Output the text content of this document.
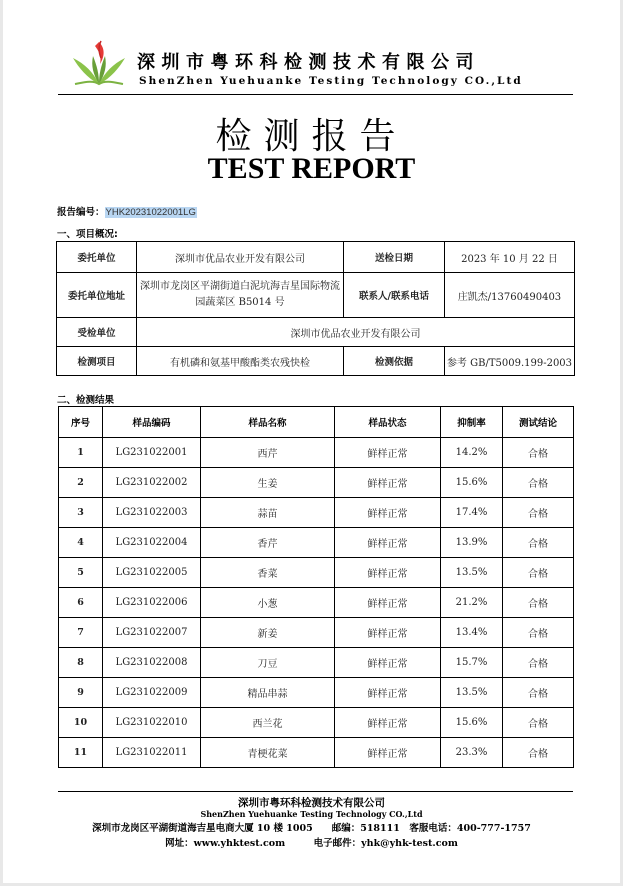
深圳市粤环科检测技术有限公司
ShenZhen Yuehuanke Testing Technology CO.,Ltd
检测报告
TEST REPORT
报告编号：YHK20231022001LG
一、项目概况:
委托单位	深圳市优品农业开发有限公司	送检日期	2023 年 10 月 22 日
委托单位地址	深圳市龙岗区平湖街道白泥坑海吉星国际物流园蔬菜区 B5014 号	联系人/联系电话	庄凯杰/13760490403
受检单位	深圳市优品农业开发有限公司		
检测项目	有机磷和氨基甲酸酯类农残快检	检测依据	参考 GB/T5009.199-2003
二、检测结果
序号	样品编码	样品名称	样品状态	抑制率	测试结论
1	LG231022001	西芹	鲜样正常	14.2%	合格
2	LG231022002	生姜	鲜样正常	15.6%	合格
3	LG231022003	蒜苗	鲜样正常	17.4%	合格
4	LG231022004	香芹	鲜样正常	13.9%	合格
5	LG231022005	香菜	鲜样正常	13.5%	合格
6	LG231022006	小葱	鲜样正常	21.2%	合格
7	LG231022007	新姜	鲜样正常	13.4%	合格
8	LG231022008	刀豆	鲜样正常	15.7%	合格
9	LG231022009	精品串蒜	鲜样正常	13.5%	合格
10	LG231022010	西兰花	鲜样正常	15.6%	合格
11	LG231022011	青梗花菜	鲜样正常	23.3%	合格
深圳市粤环科检测技术有限公司
ShenZhen Yuehuanke Testing Technology CO.,Ltd
深圳市龙岗区平湖街道海吉星电商大厦 10 楼 1005　　邮编：518111　客服电话：400-777-1757
网址：www.yhktest.com　　　电子邮件：yhk@yhk-test.com
